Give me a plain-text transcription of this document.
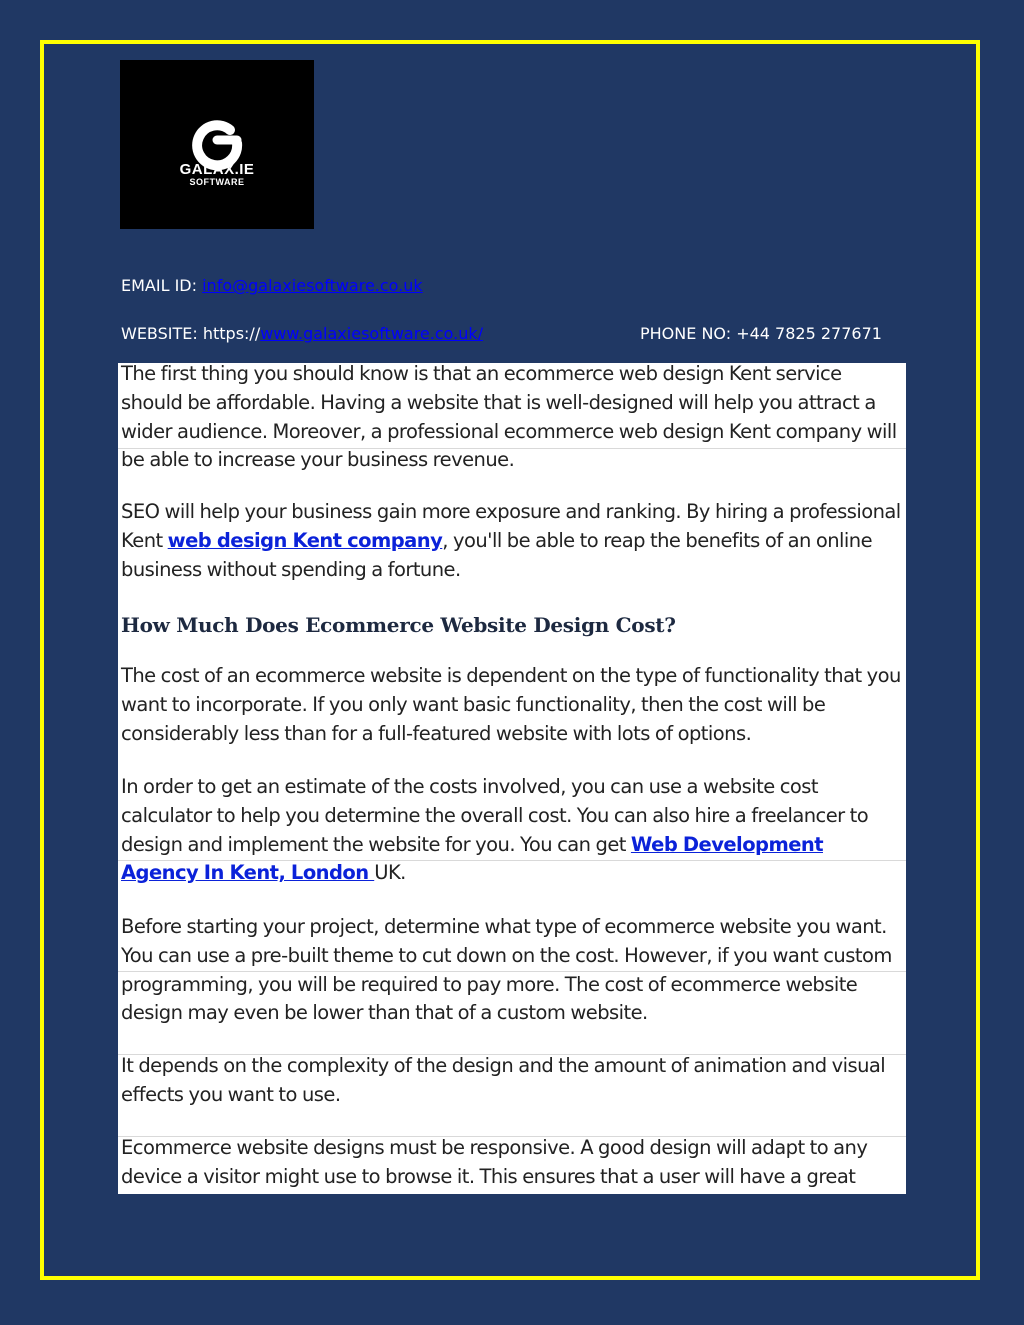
GALAX.IE
SOFTWARE
EMAIL ID: info@galaxiesoftware.co.uk
WEBSITE: https://www.galaxiesoftware.co.uk/	PHONE NO: +44 7825 277671

The first thing you should know is that an ecommerce web design Kent service should be affordable. Having a website that is well-designed will help you attract a wider audience. Moreover, a professional ecommerce web design Kent company will be able to increase your business revenue.

SEO will help your business gain more exposure and ranking. By hiring a professional Kent web design Kent company, you'll be able to reap the benefits of an online business without spending a fortune.

How Much Does Ecommerce Website Design Cost?

The cost of an ecommerce website is dependent on the type of functionality that you want to incorporate. If you only want basic functionality, then the cost will be considerably less than for a full-featured website with lots of options.

In order to get an estimate of the costs involved, you can use a website cost calculator to help you determine the overall cost. You can also hire a freelancer to design and implement the website for you. You can get Web Development Agency In Kent, London UK.

Before starting your project, determine what type of ecommerce website you want. You can use a pre-built theme to cut down on the cost. However, if you want custom programming, you will be required to pay more. The cost of ecommerce website design may even be lower than that of a custom website.

It depends on the complexity of the design and the amount of animation and visual effects you want to use.

Ecommerce website designs must be responsive. A good design will adapt to any device a visitor might use to browse it. This ensures that a user will have a great
